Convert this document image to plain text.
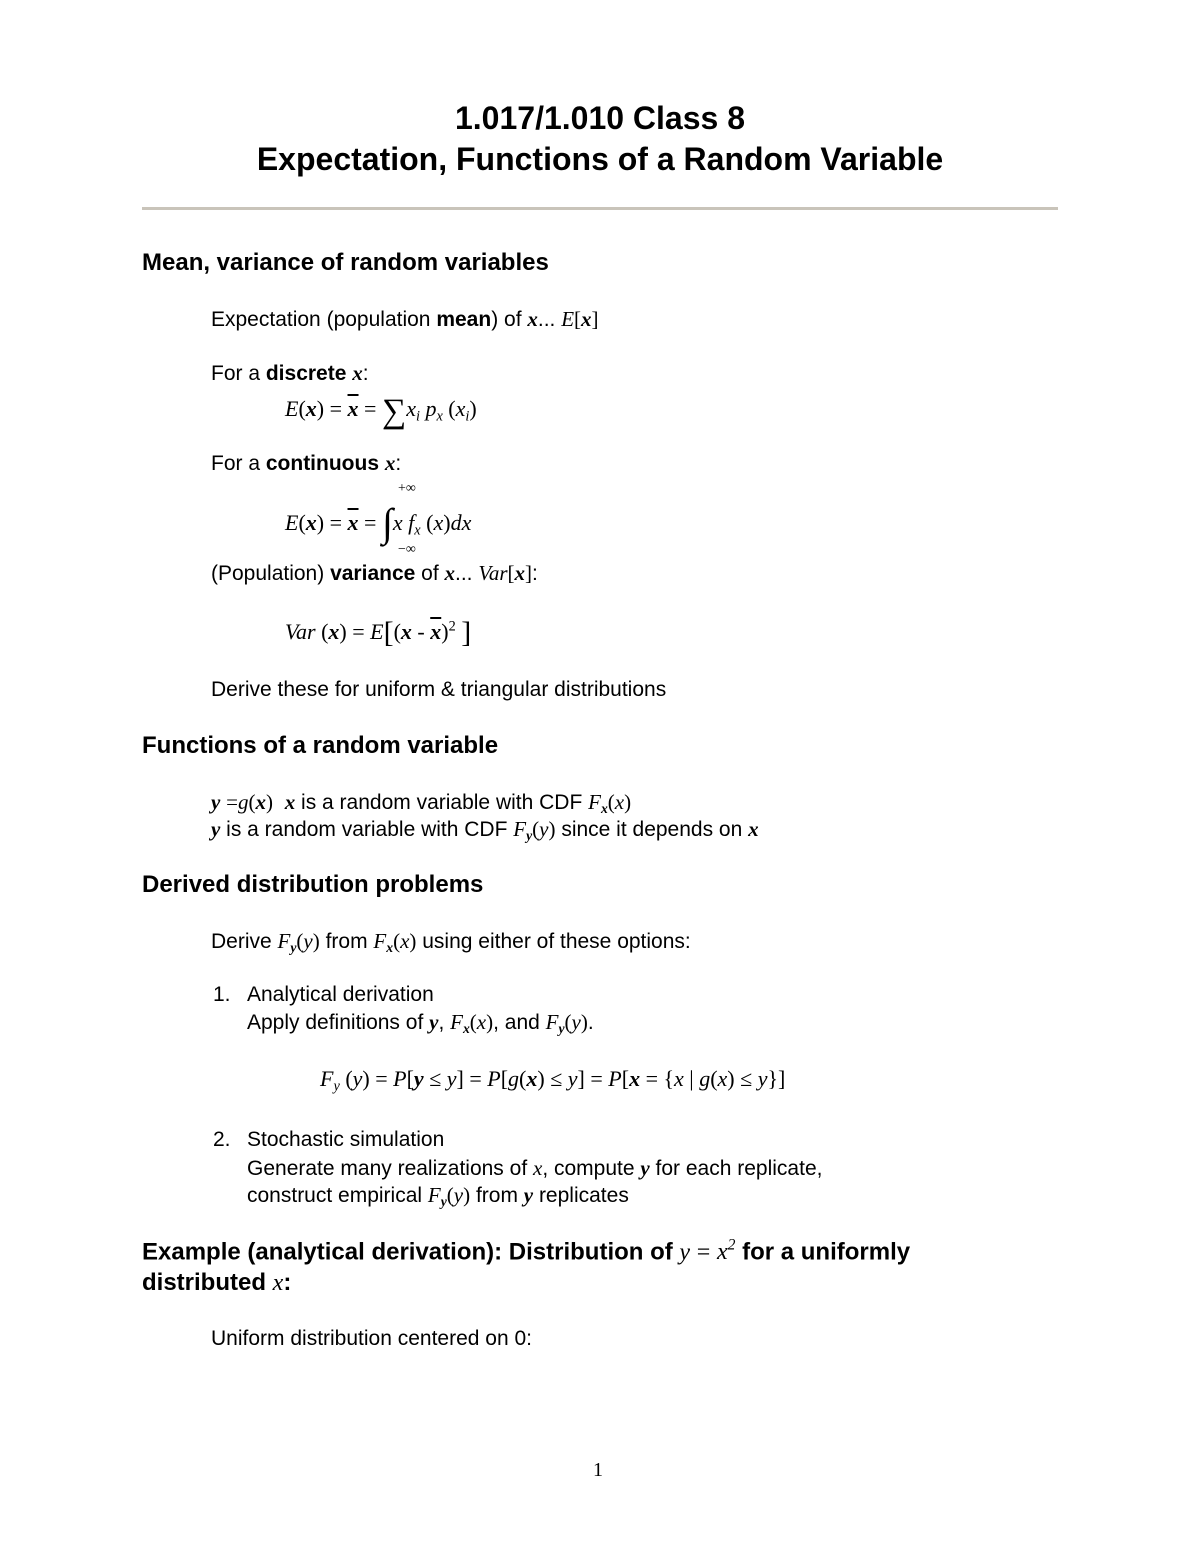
1.017/1.010 Class 8
Expectation, Functions of a Random Variable
Mean, variance of random variables
Expectation (population mean) of x... E[x]
For a discrete x:
$E(x) = \overline{x} = \sum x_i$ $p_x$ $(x_i)$
For a continuous x:
+∞
$E(x) = \overline{x} = \int x$ $f_x$ (x)dx
−∞
(Population) variance of x... Var[x]:
Var $(x) = E[(x - \overline{x})^2$ ]
Derive these for uniform & triangular distributions
Functions of a random variable
y =g(x) x is a random variable with CDF $F_x(x)$
y is a random variable with CDF $F_y(y)$ since it depends on x
Derived distribution problems
Derive $F_y(y)$ from $F_x(x)$ using either of these options:
1. Analytical derivation
Apply definitions of y, $F_x(x)$, and $F_y(y)$.
$F_y$ (y) = P[y ≤ y] = P[g(x) ≤ y] = P[x = {x | g(x) ≤ y}]
2. Stochastic simulation
Generate many realizations of x, compute y for each replicate,
construct empirical $F_y(y)$ from y replicates
Example (analytical derivation): Distribution of $y = x^2$ for a uniformly
distributed x:
Uniform distribution centered on 0:
1
